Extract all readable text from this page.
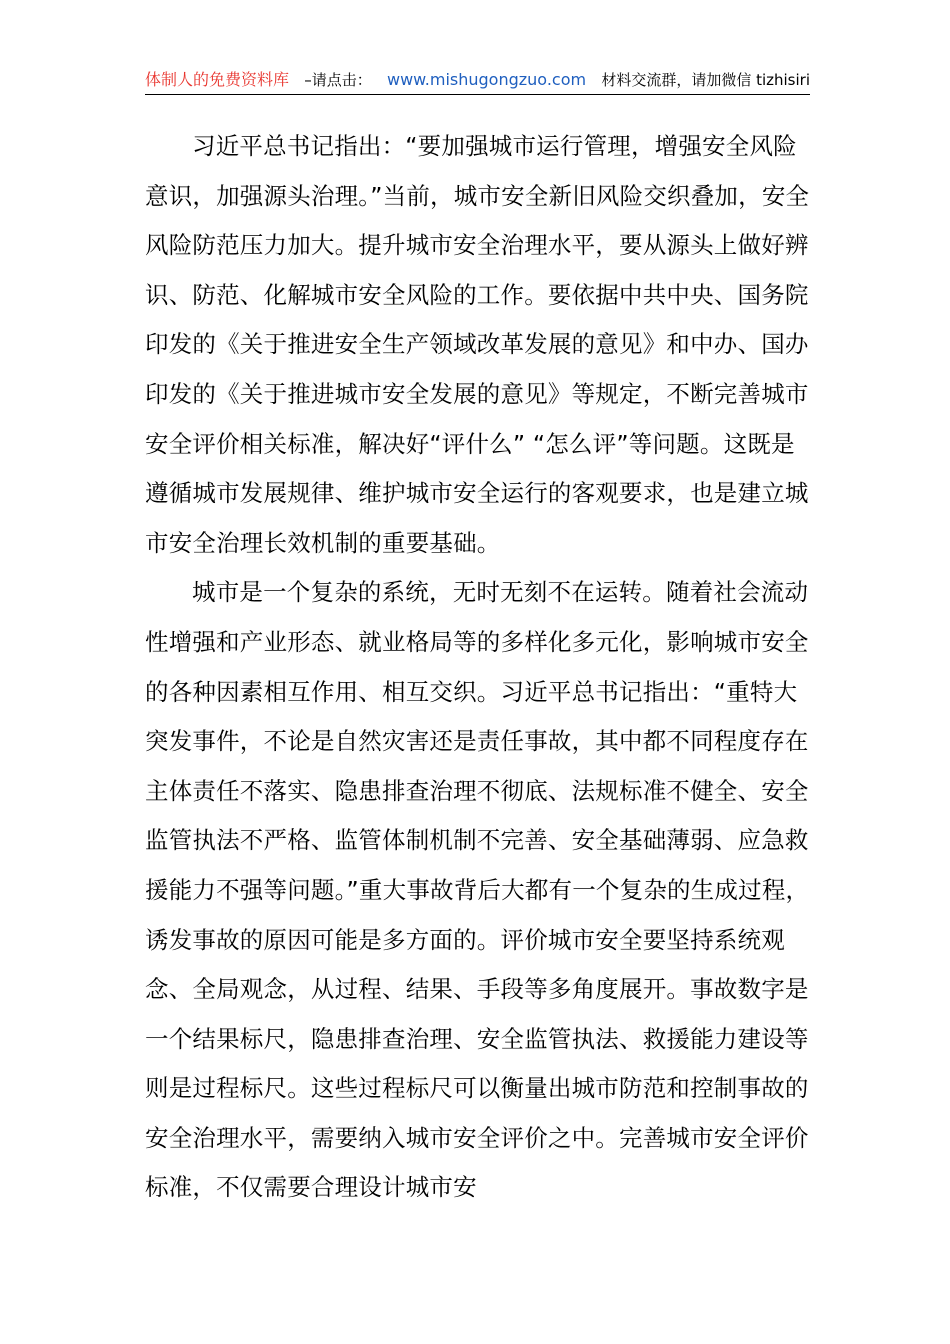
体制人的免费资料库 –请点击： www.mishugongzuo.com 材料交流群，请加微信 tizhisiri

习近平总书记指出：“要加强城市运行管理，增强安全风险意识，加强源头治理。”当前，城市安全新旧风险交织叠加，安全风险防范压力加大。提升城市安全治理水平，要从源头上做好辨识、防范、化解城市安全风险的工作。要依据中共中央、国务院印发的《关于推进安全生产领域改革发展的意见》和中办、国办印发的《关于推进城市安全发展的意见》等规定，不断完善城市安全评价相关标准，解决好“评什么” “怎么评”等问题。这既是遵循城市发展规律、维护城市安全运行的客观要求，也是建立城市安全治理长效机制的重要基础。

城市是一个复杂的系统，无时无刻不在运转。随着社会流动性增强和产业形态、就业格局等的多样化多元化，影响城市安全的各种因素相互作用、相互交织。习近平总书记指出：“重特大突发事件，不论是自然灾害还是责任事故，其中都不同程度存在主体责任不落实、隐患排查治理不彻底、法规标准不健全、安全监管执法不严格、监管体制机制不完善、安全基础薄弱、应急救援能力不强等问题。”重大事故背后大都有一个复杂的生成过程，诱发事故的原因可能是多方面的。评价城市安全要坚持系统观念、全局观念，从过程、结果、手段等多角度展开。事故数字是一个结果标尺，隐患排查治理、安全监管执法、救援能力建设等则是过程标尺。这些过程标尺可以衡量出城市防范和控制事故的安全治理水平，需要纳入城市安全评价之中。完善城市安全评价标准，不仅需要合理设计城市安
